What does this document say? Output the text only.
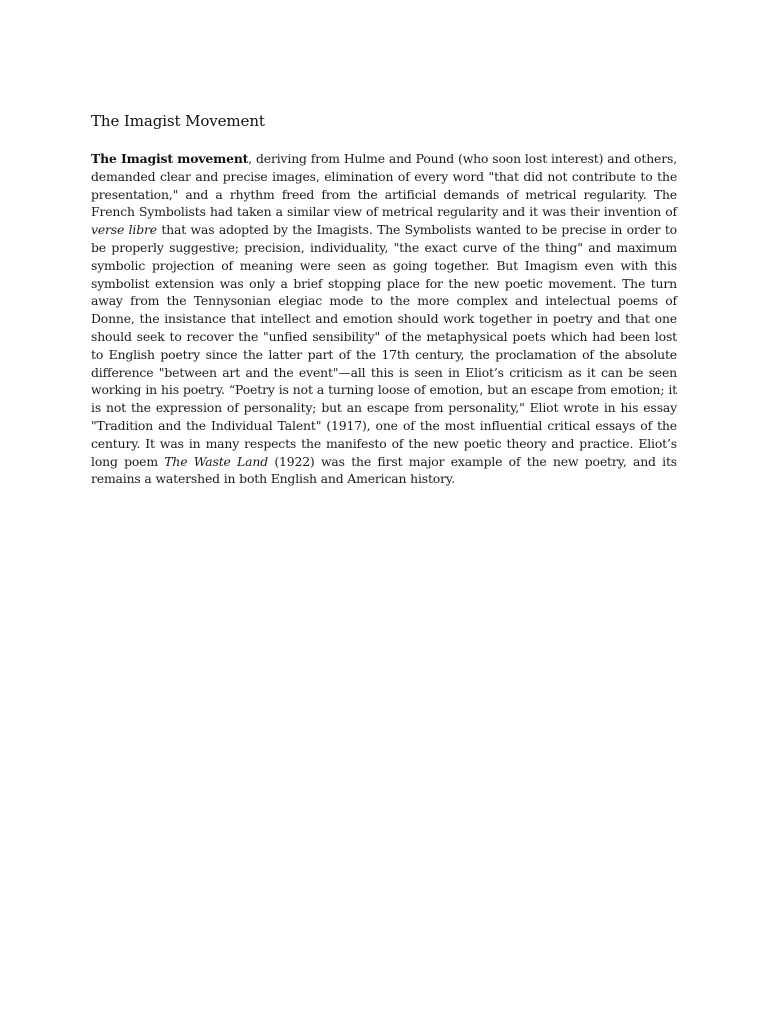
The Imagist Movement

The Imagist movement, deriving from Hulme and Pound (who soon lost interest) and others, demanded clear and precise images, elimination of every word "that did not contribute to the presentation," and a rhythm freed from the artificial demands of metrical regularity. The French Symbolists had taken a similar view of metrical regularity and it was their invention of verse libre that was adopted by the Imagists. The Symbolists wanted to be precise in order to be properly suggestive; precision, individuality, "the exact curve of the thing" and maximum symbolic projection of meaning were seen as going together. But Imagism even with this symbolist extension was only a brief stopping place for the new poetic movement. The turn away from the Tennysonian elegiac mode to the more complex and intelectual poems of Donne, the insistance that intellect and emotion should work together in poetry and that one should seek to recover the "unfied sensibility" of the metaphysical poets which had been lost to English poetry since the latter part of the 17th century, the proclamation of the absolute difference "between art and the event"—all this is seen in Eliot’s criticism as it can be seen working in his poetry. “Poetry is not a turning loose of emotion, but an escape from emotion; it is not the expression of personality; but an escape from personality," Eliot wrote in his essay "Tradition and the Individual Talent" (1917), one of the most influential critical essays of the century. It was in many respects the manifesto of the new poetic theory and practice. Eliot’s long poem The Waste Land (1922) was the first major example of the new poetry, and its remains a watershed in both English and American history.
